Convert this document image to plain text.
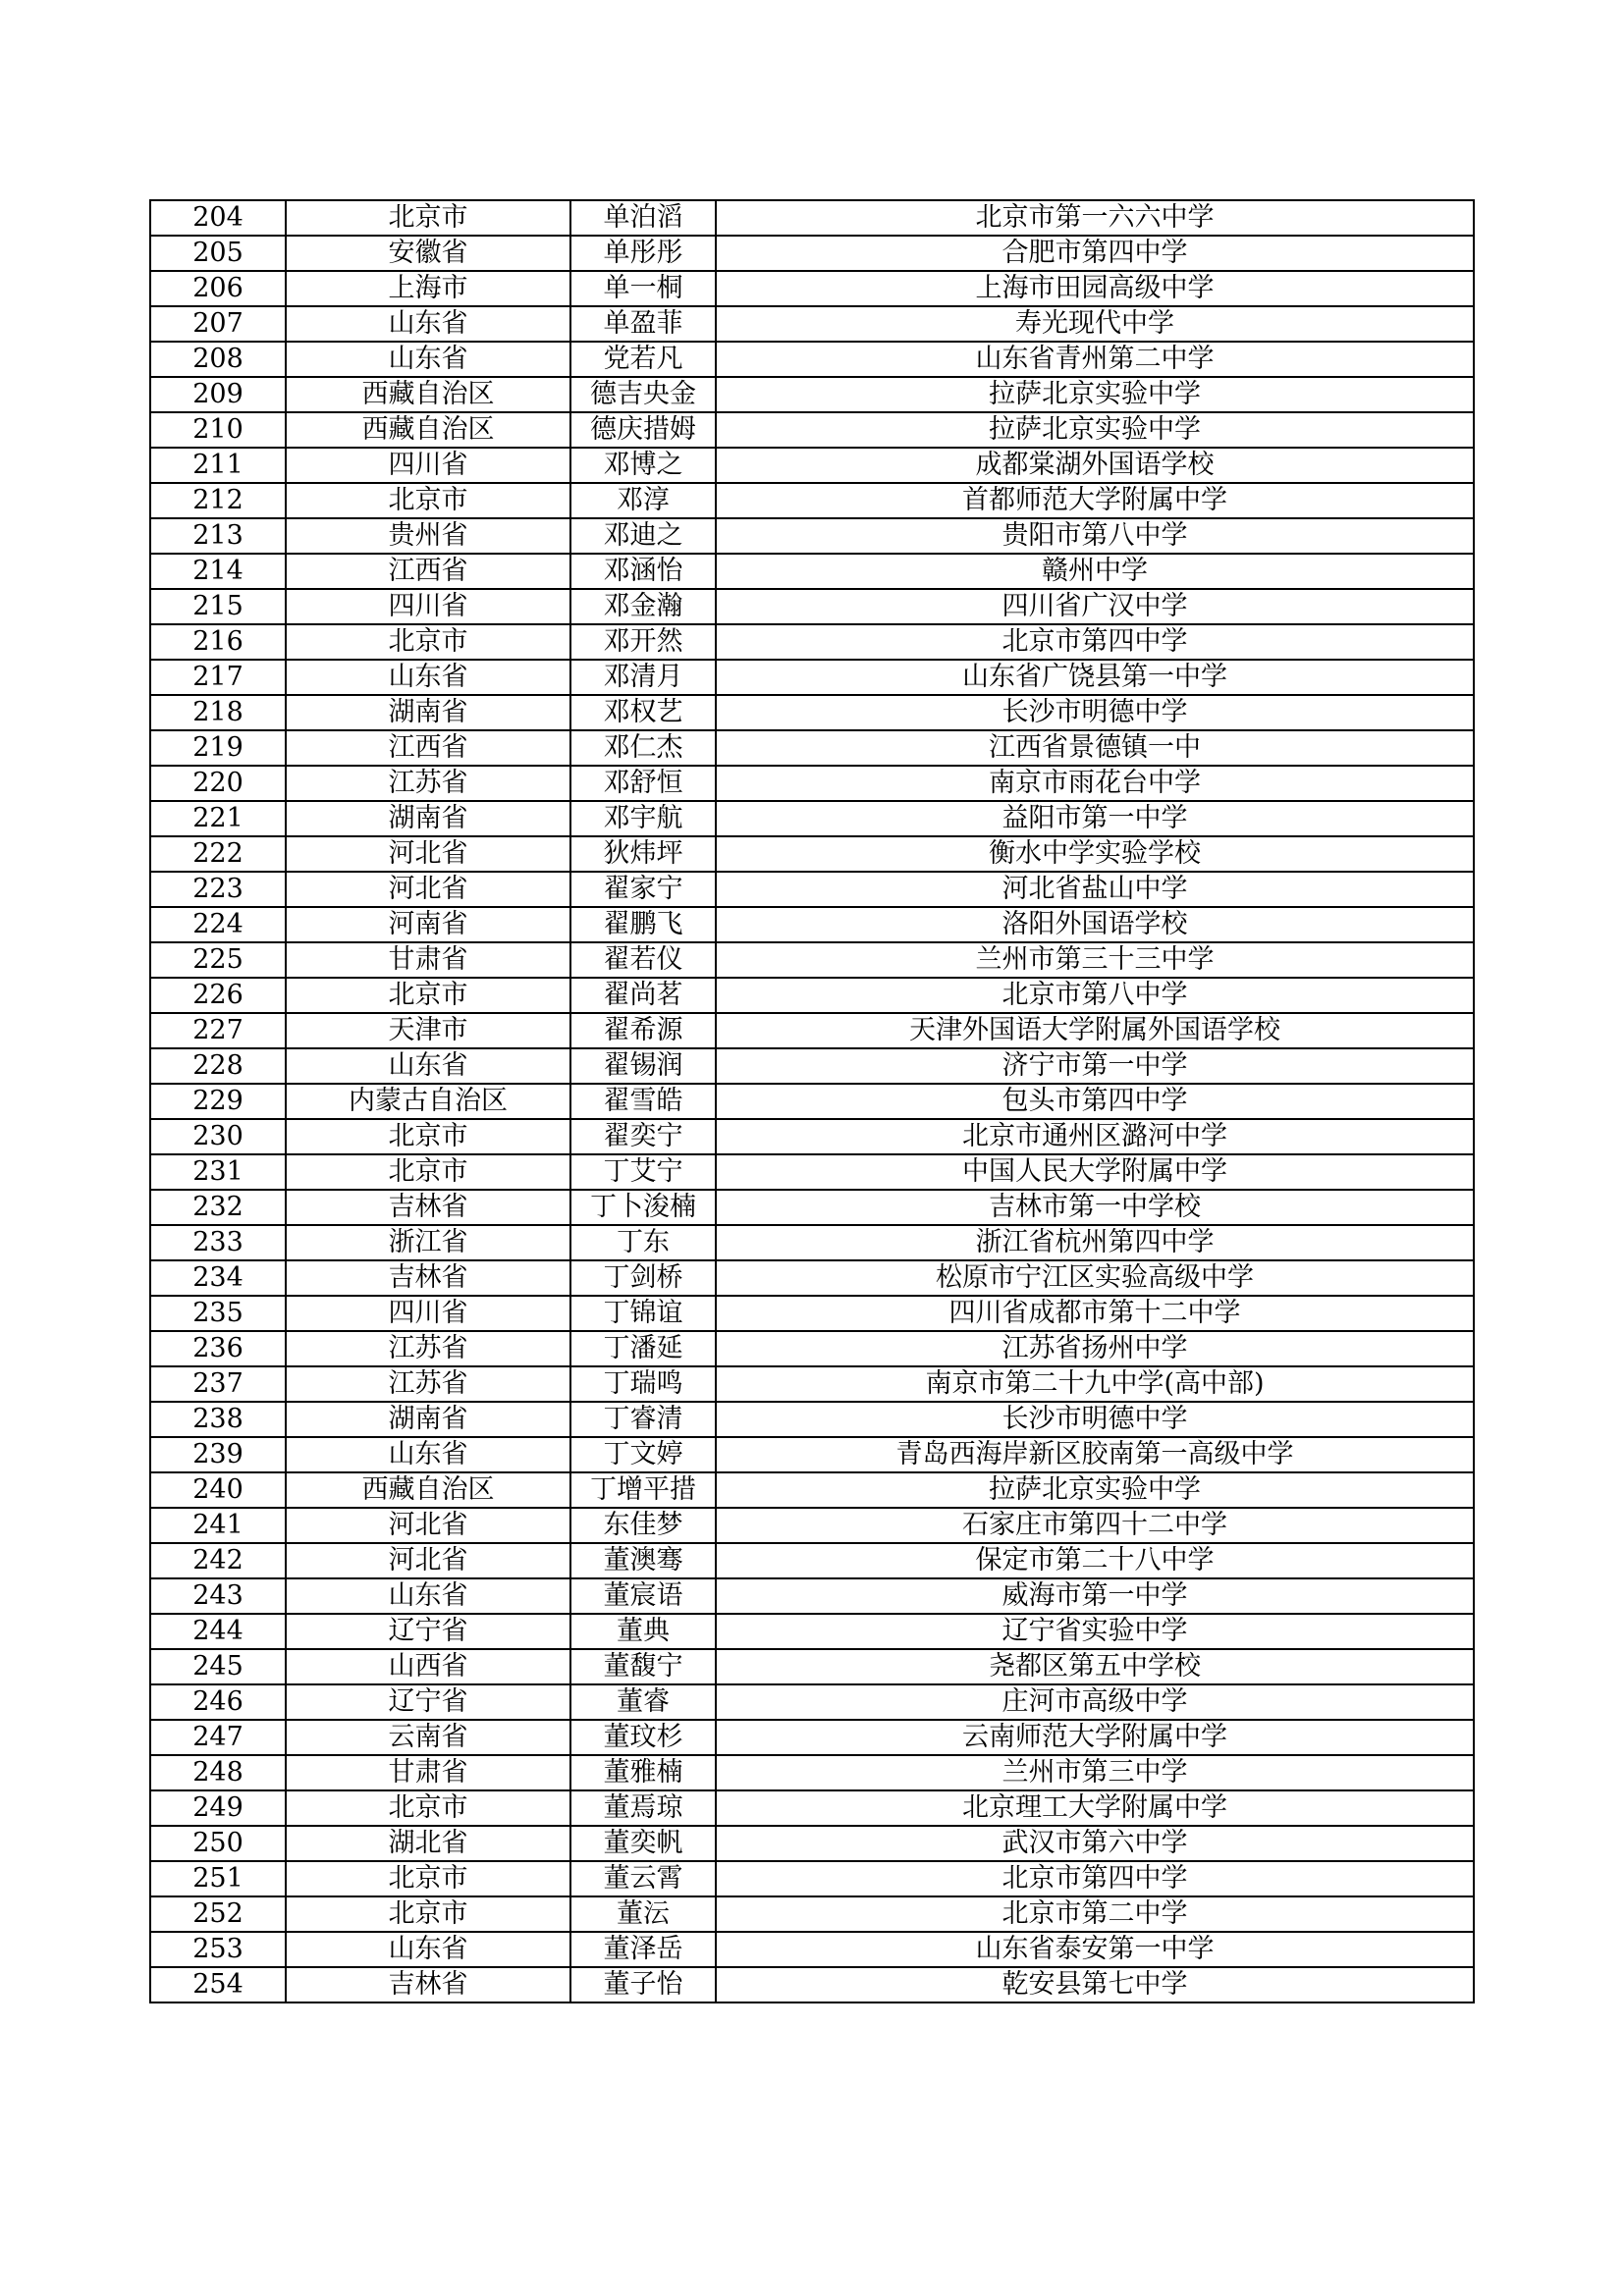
204	北京市	单泊滔	北京市第一六六中学
205	安徽省	单彤彤	合肥市第四中学
206	上海市	单一桐	上海市田园高级中学
207	山东省	单盈菲	寿光现代中学
208	山东省	党若凡	山东省青州第二中学
209	西藏自治区	德吉央金	拉萨北京实验中学
210	西藏自治区	德庆措姆	拉萨北京实验中学
211	四川省	邓博之	成都棠湖外国语学校
212	北京市	邓淳	首都师范大学附属中学
213	贵州省	邓迪之	贵阳市第八中学
214	江西省	邓涵怡	赣州中学
215	四川省	邓金瀚	四川省广汉中学
216	北京市	邓开然	北京市第四中学
217	山东省	邓清月	山东省广饶县第一中学
218	湖南省	邓权艺	长沙市明德中学
219	江西省	邓仁杰	江西省景德镇一中
220	江苏省	邓舒恒	南京市雨花台中学
221	湖南省	邓宇航	益阳市第一中学
222	河北省	狄炜坪	衡水中学实验学校
223	河北省	翟家宁	河北省盐山中学
224	河南省	翟鹏飞	洛阳外国语学校
225	甘肃省	翟若仪	兰州市第三十三中学
226	北京市	翟尚茗	北京市第八中学
227	天津市	翟希源	天津外国语大学附属外国语学校
228	山东省	翟锡润	济宁市第一中学
229	内蒙古自治区	翟雪皓	包头市第四中学
230	北京市	翟奕宁	北京市通州区潞河中学
231	北京市	丁艾宁	中国人民大学附属中学
232	吉林省	丁卜浚楠	吉林市第一中学校
233	浙江省	丁东	浙江省杭州第四中学
234	吉林省	丁剑桥	松原市宁江区实验高级中学
235	四川省	丁锦谊	四川省成都市第十二中学
236	江苏省	丁潘延	江苏省扬州中学
237	江苏省	丁瑞鸣	南京市第二十九中学(高中部)
238	湖南省	丁睿清	长沙市明德中学
239	山东省	丁文婷	青岛西海岸新区胶南第一高级中学
240	西藏自治区	丁增平措	拉萨北京实验中学
241	河北省	东佳梦	石家庄市第四十二中学
242	河北省	董澳骞	保定市第二十八中学
243	山东省	董宸语	威海市第一中学
244	辽宁省	董典	辽宁省实验中学
245	山西省	董馥宁	尧都区第五中学校
246	辽宁省	董睿	庄河市高级中学
247	云南省	董玟杉	云南师范大学附属中学
248	甘肃省	董雅楠	兰州市第三中学
249	北京市	董焉琼	北京理工大学附属中学
250	湖北省	董奕帆	武汉市第六中学
251	北京市	董云霄	北京市第四中学
252	北京市	董沄	北京市第二中学
253	山东省	董泽岳	山东省泰安第一中学
254	吉林省	董子怡	乾安县第七中学
